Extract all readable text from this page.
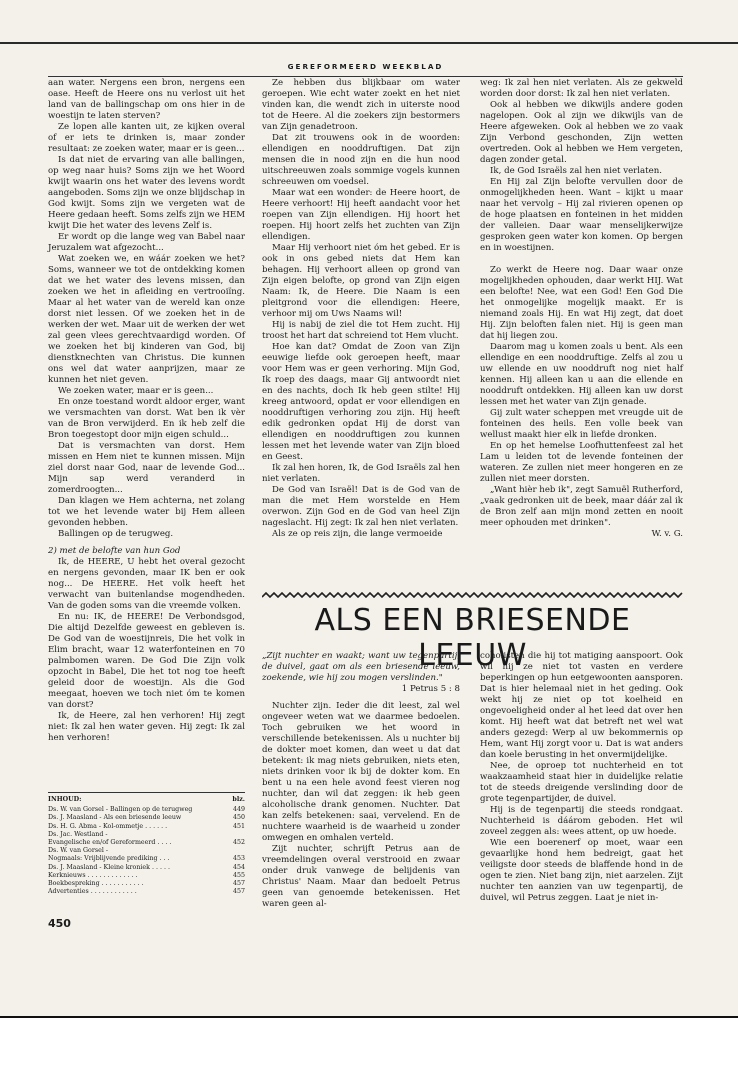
GEREFORMEERD WEEKBLAD

aan water. Nergens een bron, nergens een oase. Heeft de Heere ons nu verlost uit het land van de ballingschap om ons hier in de woestijn te laten sterven?

Ze lopen alle kanten uit, ze kijken overal of er iets te drinken is, maar zonder resultaat: ze zoeken water, maar er is geen...

Is dat niet de ervaring van alle ballingen, op weg naar huis? Soms zijn we het Woord kwijt waarin ons het water des levens wordt aangeboden. Soms zijn we onze blijdschap in God kwijt. Soms zijn we vergeten wat de Heere gedaan heeft. Soms zelfs zijn we HEM kwijt Die het water des levens Zelf is.

Er wordt op die lange weg van Babel naar Jeruzalem wat afgezocht...

Wat zoeken we, en wáár zoeken we het? Soms, wanneer we tot de ontdekking komen dat we het water des levens missen, dan zoeken we het in afleiding en vertrooiïng. Maar al het water van de wereld kan onze dorst niet lessen. Of we zoeken het in de werken der wet. Maar uit de werken der wet zal geen vlees gerechtvaardigd worden. Of we zoeken het bij kinderen van God, bij dienstknechten van Christus. Die kunnen ons wel dat water aanprijzen, maar ze kunnen het niet geven.

We zoeken water, maar er is geen...

En onze toestand wordt aldoor erger, want we versmachten van dorst. Wat ben ik vèr van de Bron verwijderd. En ik heb zelf die Bron toegestopt door mijn eigen schuld...

Dat is versmachten van dorst. Hem missen en Hem niet te kunnen missen. Mijn ziel dorst naar God, naar de levende God... Mijn sap werd veranderd in zomerdroogten...

Dan klagen we Hem achterna, net zolang tot we het levende water bij Hem alleen gevonden hebben.

Ballingen op de terugweg.

2) met de belofte van hun God

Ik, de HEERE, U hebt het overal gezocht en nergens gevonden, maar IK ben er ook nog... De HEERE. Het volk heeft het verwacht van buitenlandse mogendheden. Van de goden soms van die vreemde volken.

En nu: IK, de HEERE! De Verbondsgod, Die altijd Dezelfde geweest en gebleven is. De God van de woestijnreis, Die het volk in Elim bracht, waar 12 waterfonteinen en 70 palmbomen waren. De God Die Zijn volk opzocht in Babel, Die het tot nog toe heeft geleid door de woestijn. Als die God meegaat, hoeven we toch niet óm te komen van dorst?

Ik, de Heere, zal hen verhoren! Hij zegt niet: Ik zal hen water geven. Hij zegt: Ik zal hen verhoren!

INHOUD:	blz.
Ds. W. van Gorsel - Ballingen op de terugweg	449
Ds. J. Maasland - Als een briesende leeuw	450
Ds. H. G. Abma - Kol-ommetje . . . . . .	451
Ds. Jac. Westland -
Evangelische en/of Gereformeerd . . . .	452
Ds. W. van Gorsel -
Nogmaals: Vrijblijvende prediking . . .	453
Ds. J. Maasland - Kleine kroniek . . . . .	454
Kerknieuws . . . . . . . . . . . . .	455
Boekbespreking . . . . . . . . . . .	457
Advertenties . . . . . . . . . . . .	457
450

Ze hebben dus blijkbaar om water geroepen. Wie echt water zoekt en het niet vinden kan, die wendt zich in uiterste nood tot de Heere. Al die zoekers zijn bestormers van Zijn genadetroon.

Dat zit trouwens ook in de woorden: ellendigen en nooddruftigen. Dat zijn mensen die in nood zijn en die hun nood uitschreeuwen zoals sommige vogels kunnen schreeuwen om voedsel.

Maar wat een wonder: de Heere hoort, de Heere verhoort! Hij heeft aandacht voor het roepen van Zijn ellendigen. Hij hoort het roepen. Hij hoort zelfs het zuchten van Zijn ellendigen.

Maar Hij verhoort niet óm het gebed. Er is ook in ons gebed niets dat Hem kan behagen. Hij verhoort alleen op grond van Zijn eigen belofte, op grond van Zijn eigen Naam: Ik, de Heere. Die Naam is een pleitgrond voor die ellendigen: Heere, verhoor mij om Uws Naams wil!

Hij is nabij de ziel die tot Hem zucht. Hij troost het hart dat schreiend tot Hem vlucht.

Hoe kan dat? Omdat de Zoon van Zijn eeuwige liefde ook geroepen heeft, maar voor Hem was er geen verhoring. Mijn God, Ik roep des daags, maar Gij antwoordt niet en des nachts, doch Ik heb geen stilte! Hij kreeg antwoord, opdat er voor ellendigen en nooddruftigen verhoring zou zijn. Hij heeft edik gedronken opdat Hij de dorst van ellendigen en nooddruftigen zou kunnen lessen met het levende water van Zijn bloed en Geest.

Ik zal hen horen, Ik, de God Israëls zal hen niet verlaten.

De God van Israël! Dat is de God van de man die met Hem worstelde en Hem overwon. Zijn God en de God van heel Zijn nageslacht. Hij zegt: Ik zal hen niet verlaten.

Als ze op reis zijn, die lange vermoeide

weg: Ik zal hen niet verlaten. Als ze gekweld worden door dorst: Ik zal hen niet verlaten.

Ook al hebben we dikwijls andere goden nagelopen. Ook al zijn we dikwijls van de Heere afgeweken. Ook al hebben we zo vaak Zijn Verbond geschonden, Zijn wetten overtreden. Ook al hebben we Hem vergeten, dagen zonder getal.

Ik, de God Israëls zal hen niet verlaten.

En Hij zal Zijn belofte vervullen door de onmogelijkheden heen. Want – kijkt u maar naar het vervolg – Hij zal rivieren openen op de hoge plaatsen en fonteinen in het midden der valleien. Daar waar menselijkerwijze gesproken geen water kon komen. Op bergen en in woestijnen.

Zo werkt de Heere nog. Daar waar onze mogelijkheden ophouden, daar werkt HIJ. Wat een belofte! Nee, wat een God! Een God Die het onmogelijke mogelijk maakt. Er is niemand zoals Hij. En wat Hij zegt, dat doet Hij. Zijn beloften falen niet. Hij is geen man dat hij liegen zou.

Daarom mag u komen zoals u bent. Als een ellendige en een nooddruftige. Zelfs al zou u uw ellende en uw nooddruft nog niet half kennen. Hij alleen kan u aan die ellende en nooddruft ontdekken. Hij alleen kan uw dorst lessen met het water van Zijn genade.

Gij zult water scheppen met vreugde uit de fonteinen des heils. Een volle beek van wellust maakt hier elk in liefde dronken.

En op het hemelse Loofhuttenfeest zal het Lam u leiden tot de levende fonteinen der wateren. Ze zullen niet meer hongeren en ze zullen niet meer dorsten.

„Want hièr heb ik", zegt Samuël Rutherford, „vaak gedronken uit de beek, maar dáár zal ik de Bron zelf aan mijn mond zetten en nooit meer ophouden met drinken".

W. v. G.
ALS EEN BRIESENDE LEEUW

„Zijt nuchter en waakt; want uw tegenpartij, de duivel, gaat om als een briesende leeuw, zoekende, wie hij zou mogen verslinden."

1 Petrus 5 : 8

Nuchter zijn. Ieder die dit leest, zal wel ongeveer weten wat we daarmee bedoelen. Toch gebruiken we het woord in verschillende betekenissen. Als u nuchter bij de dokter moet komen, dan weet u dat dat betekent: ik mag niets gebruiken, niets eten, niets drinken voor ik bij de dokter kom. En bent u na een hele avond feest vieren nog nuchter, dan wil dat zeggen: ik heb geen alcoholische drank genomen. Nuchter. Dat kan zelfs betekenen: saai, vervelend. En de nuchtere waarheid is de waarheid u zonder omwegen en omhalen verteld.

Zijt nuchter, schrijft Petrus aan de vreemdelingen overal verstrooid en zwaar onder druk vanwege de belijdenis van Christus' Naam. Maar dan bedoelt Petrus geen van genoemde betekenissen. Het waren geen al-

coholisten die hij tot matiging aanspoort. Ook wil hij ze niet tot vasten en verdere beperkingen op hun eetgewoonten aansporen. Dat is hier helemaal niet in het geding. Ook wekt hij ze niet op tot koelheid en ongevoeligheid onder al het leed dat over hen komt. Hij heeft wat dat betreft net wel wat anders gezegd: Werp al uw bekommernis op Hem, want Hij zorgt voor u. Dat is wat anders dan koele berusting in het onvermijdelijke.

Nee, de oproep tot nuchterheid en tot waakzaamheid staat hier in duidelijke relatie tot de steeds dreigende verslinding door de grote tegenpartijder, de duivel.

Hij is de tegenpartij die steeds rondgaat. Nuchterheid is dáárom geboden. Het wil zoveel zeggen als: wees attent, op uw hoede.

Wie een boerenerf op moet, waar een gevaarlijke hond hem bedreigt, gaat het veiligste door steeds de blaffende hond in de ogen te zien. Niet bang zijn, niet aarzelen. Zijt nuchter ten aanzien van uw tegenpartij, de duivel, wil Petrus zeggen. Laat je niet in-
